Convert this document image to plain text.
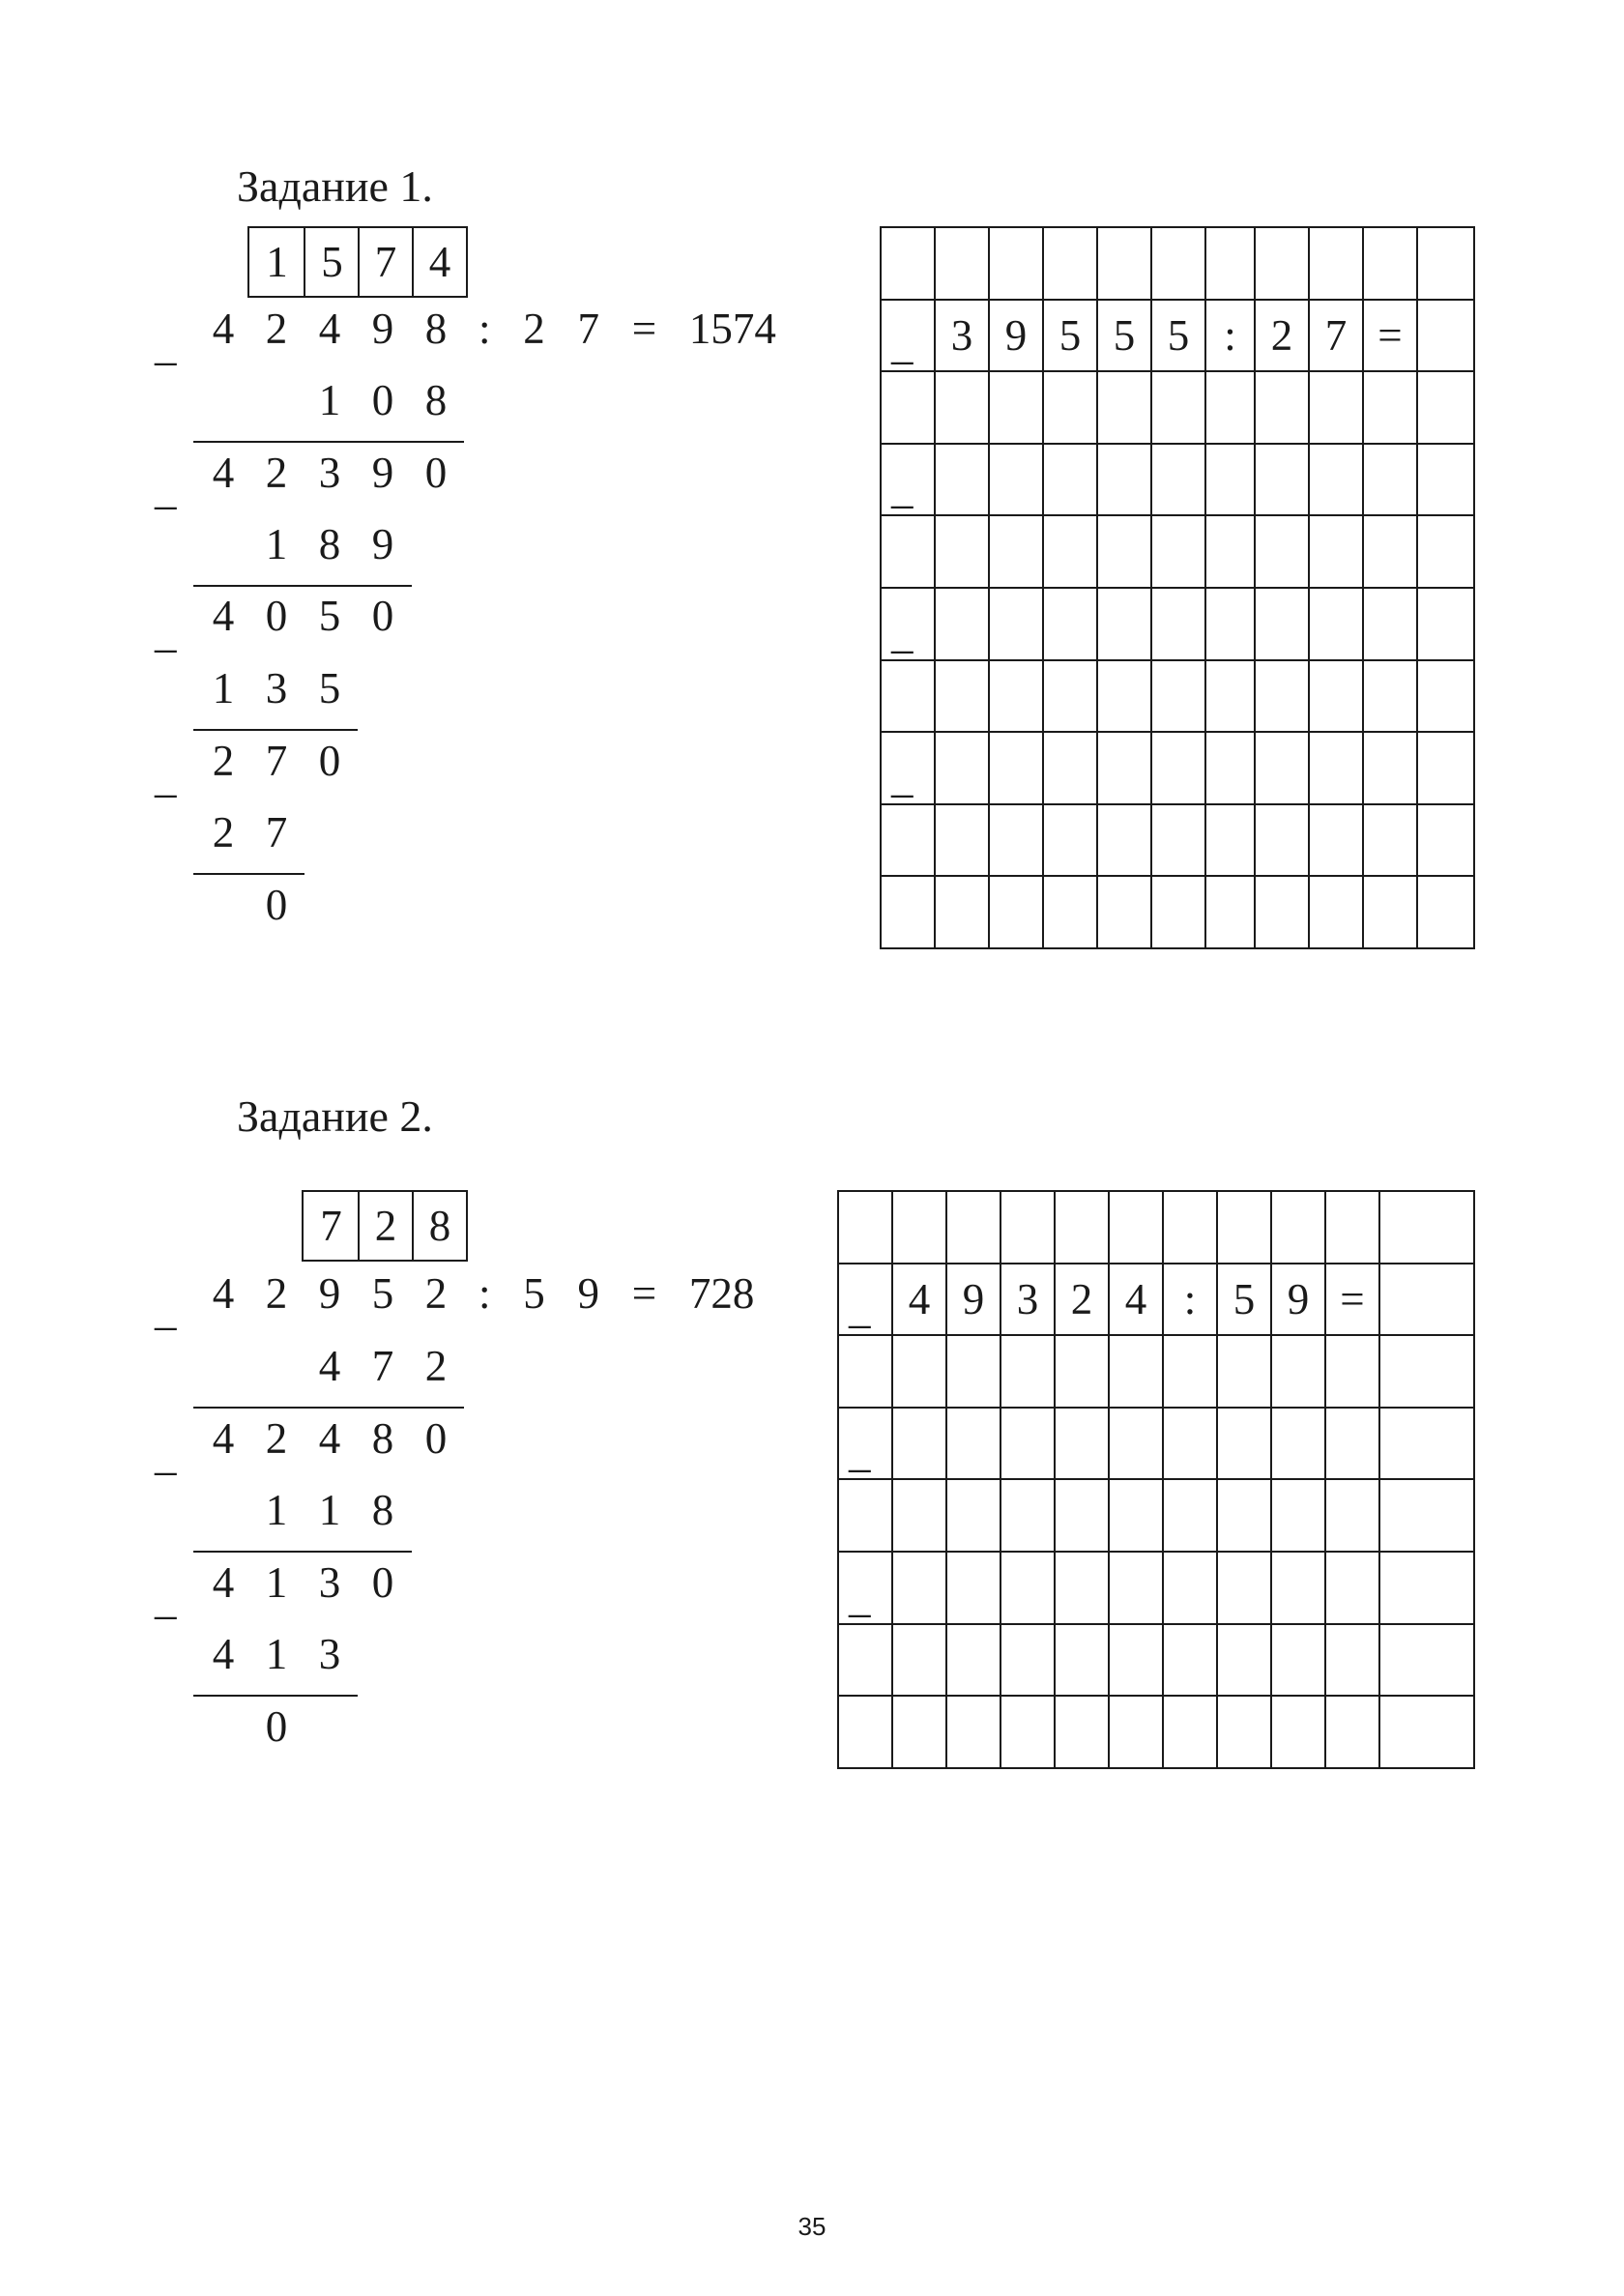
Задание 1.
1 5 7 4
_ 4 2 4 9 8 :   2   7   =   1574
1 0 8
_ 4 2 3 9 0
1 8 9
_ 4 0 5 0
1 3 5
_ 2 7 0
2 7
0
_ 3 9 5 5 5 : 2 7 =
_
_
_
Задание 2.
7 2 8
_ 4 2 9 5 2 :   5   9   =   728
4 7 2
_ 4 2 4 8 0
1 1 8
_ 4 1 3 0
4 1 3
0
_ 4 9 3 2 4 : 5 9 =
_
_
35
